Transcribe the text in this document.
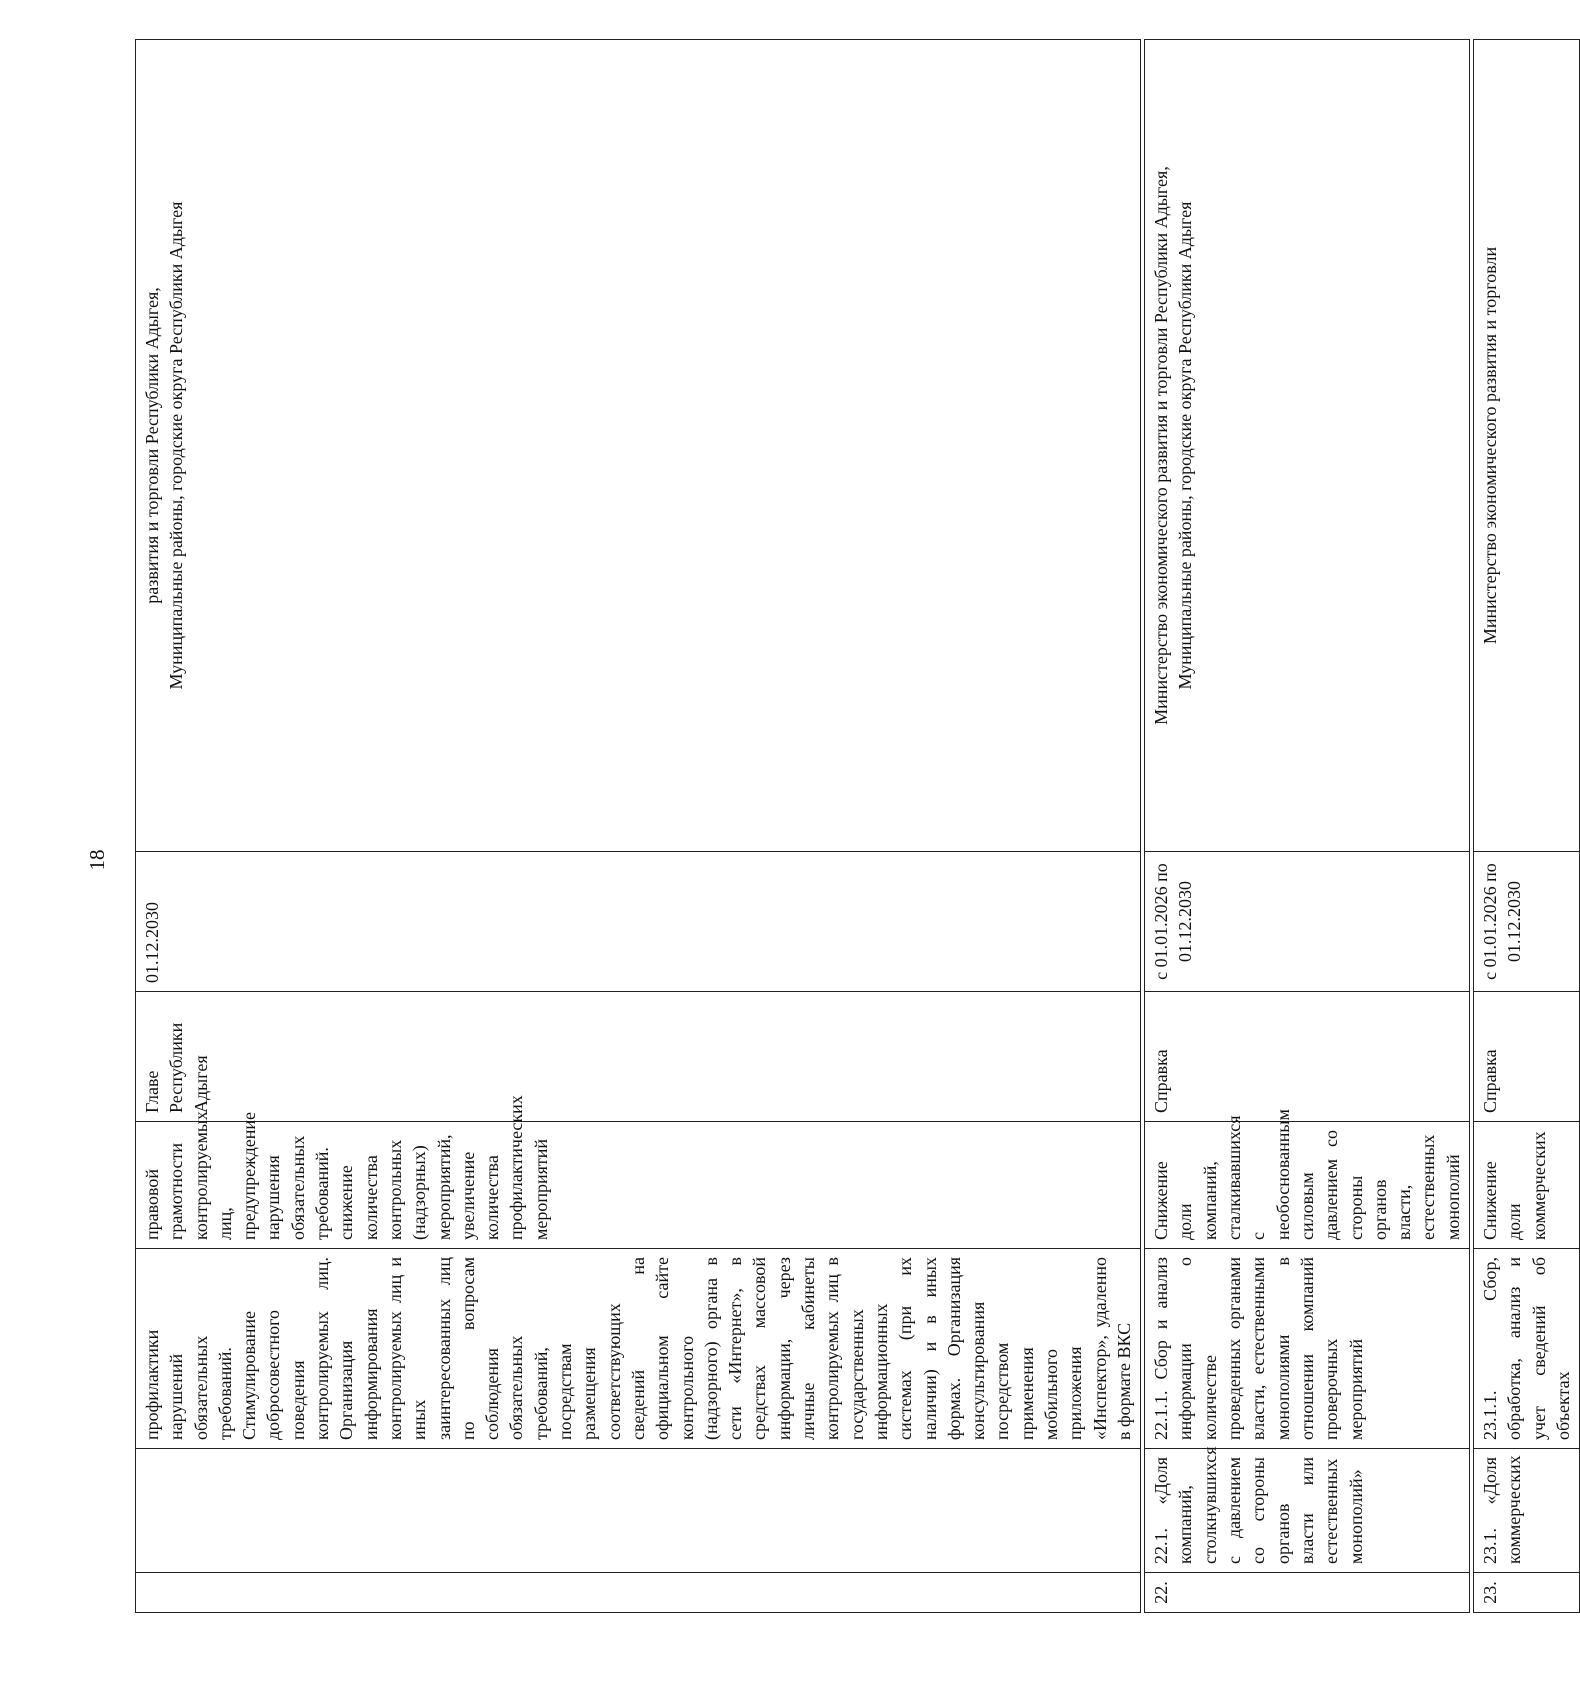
18
		профилактики нарушений обязательных требований. Стимулирование добросовестного поведения контролируемых лиц. Организация информирования контролируемых лиц и иных заинтересованных лиц по вопросам соблюдения обязательных требований, посредствам размещения соответствующих сведений на официальном сайте контрольного (надзорного) органа в сети «Интернет», в средствах массовой информации, через личные кабинеты контролируемых лиц в государственных информационных системах (при их наличии) и в иных формах. Организация консультирования посредством применения мобильного приложения «Инспектор», удаленно в формате ВКС	правовой грамотности контролируемых лиц, предупреждение нарушения обязательных требований. снижение количества контрольных (надзорных) мероприятий, увеличение количества профилактических мероприятий	Главе Республики Адыгея	01.12.2030	развития и торговли Республики Адыгея,
Муниципальные районы, городские округа Республики Адыгея

22.	22.1. «Доля компаний, столкнувшихся с давлением со стороны органов власти или естественных монополий»	22.1.1. Сбор и анализ информации о количестве проведенных органами власти, естественными монополиями в отношении компаний проверочных мероприятий	Снижение доли компаний, сталкивавшихся с необоснованным силовым давлением со стороны органов власти, естественных монополий	Справка	с 01.01.2026 по 01.12.2030	Министерство экономического развития и торговли Республики Адыгея,
Муниципальные районы, городские округа Республики Адыгея

23.	23.1. «Доля коммерческих	23.1.1. Сбор, обработка, анализ и учет сведений об объектах	Снижение доли коммерческих	Справка	с 01.01.2026 по 01.12.2030	Министерство экономического развития и торговли
